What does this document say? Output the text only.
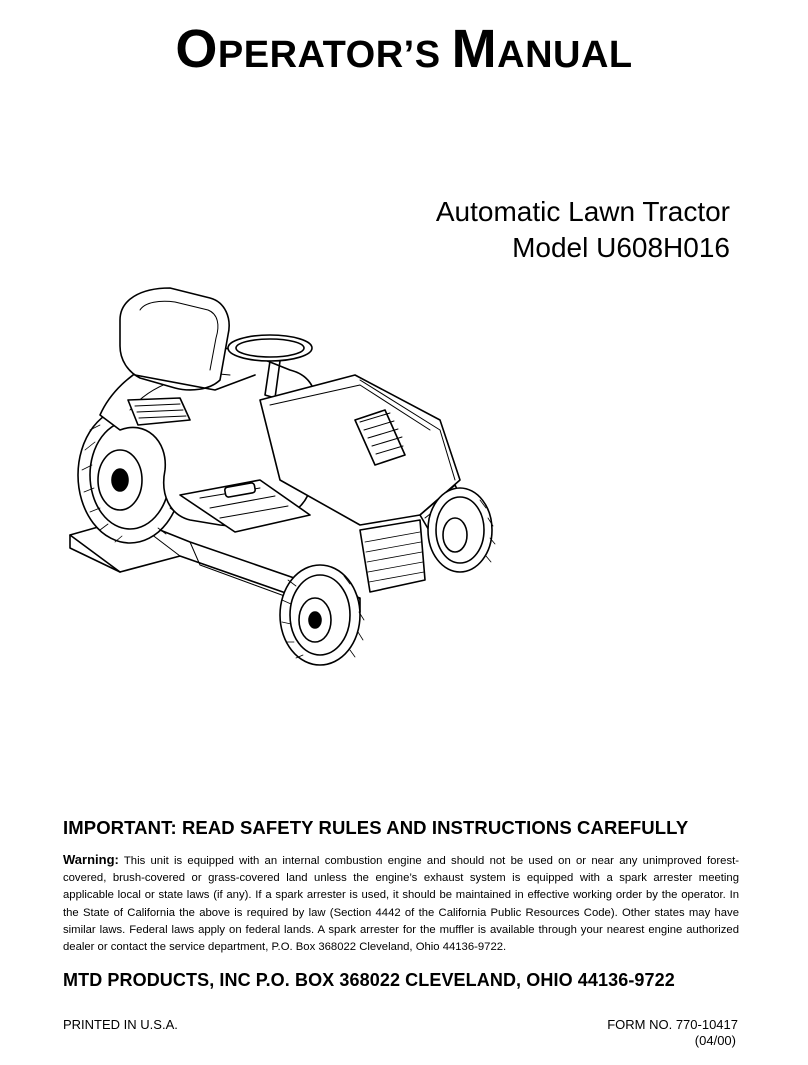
OPERATOR’S MANUAL
Automatic Lawn Tractor
Model U608H016
IMPORTANT: READ SAFETY RULES AND INSTRUCTIONS CAREFULLY
Warning: This unit is equipped with an internal combustion engine and should not be used on or near any unimproved forest-covered, brush-covered or grass-covered land unless the engine’s exhaust system is equipped with a spark arrester meeting applicable local or state laws (if any). If a spark arrester is used, it should be maintained in effective working order by the operator. In the State of California the above is required by law (Section 4442 of the California Public Resources Code). Other states may have similar laws. Federal laws apply on federal lands. A spark arrester for the muffler is available through your nearest engine authorized dealer or contact the service department, P.O. Box 368022 Cleveland, Ohio 44136-9722.
MTD PRODUCTS, INC P.O. BOX 368022 CLEVELAND, OHIO 44136-9722
PRINTED IN U.S.A.	FORM NO. 770-10417
(04/00)
